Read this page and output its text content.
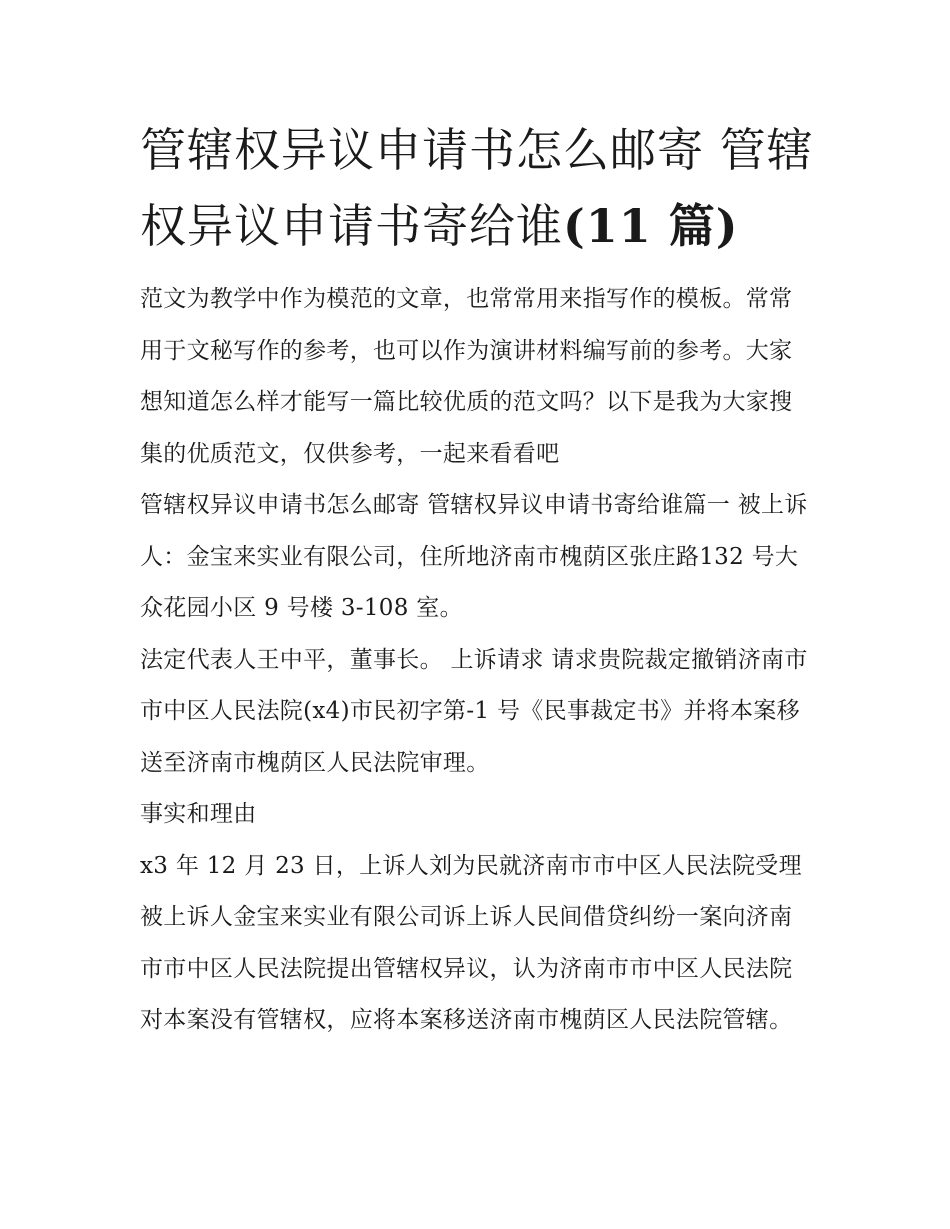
管辖权异议申请书怎么邮寄 管辖权异议申请书寄给谁(11 篇)

范文为教学中作为模范的文章，也常常用来指写作的模板。常常用于文秘写作的参考，也可以作为演讲材料编写前的参考。大家想知道怎么样才能写一篇比较优质的范文吗？以下是我为大家搜集的优质范文，仅供参考，一起来看看吧

管辖权异议申请书怎么邮寄 管辖权异议申请书寄给谁篇一 被上诉人：金宝来实业有限公司，住所地济南市槐荫区张庄路132 号大众花园小区 9 号楼 3-108 室。

法定代表人王中平，董事长。 上诉请求 请求贵院裁定撤销济南市市中区人民法院(x4)市民初字第-1 号《民事裁定书》并将本案移送至济南市槐荫区人民法院审理。

事实和理由

x3 年 12 月 23 日，上诉人刘为民就济南市市中区人民法院受理被上诉人金宝来实业有限公司诉上诉人民间借贷纠纷一案向济南市市中区人民法院提出管辖权异议，认为济南市市中区人民法院对本案没有管辖权，应将本案移送济南市槐荫区人民法院管辖。
